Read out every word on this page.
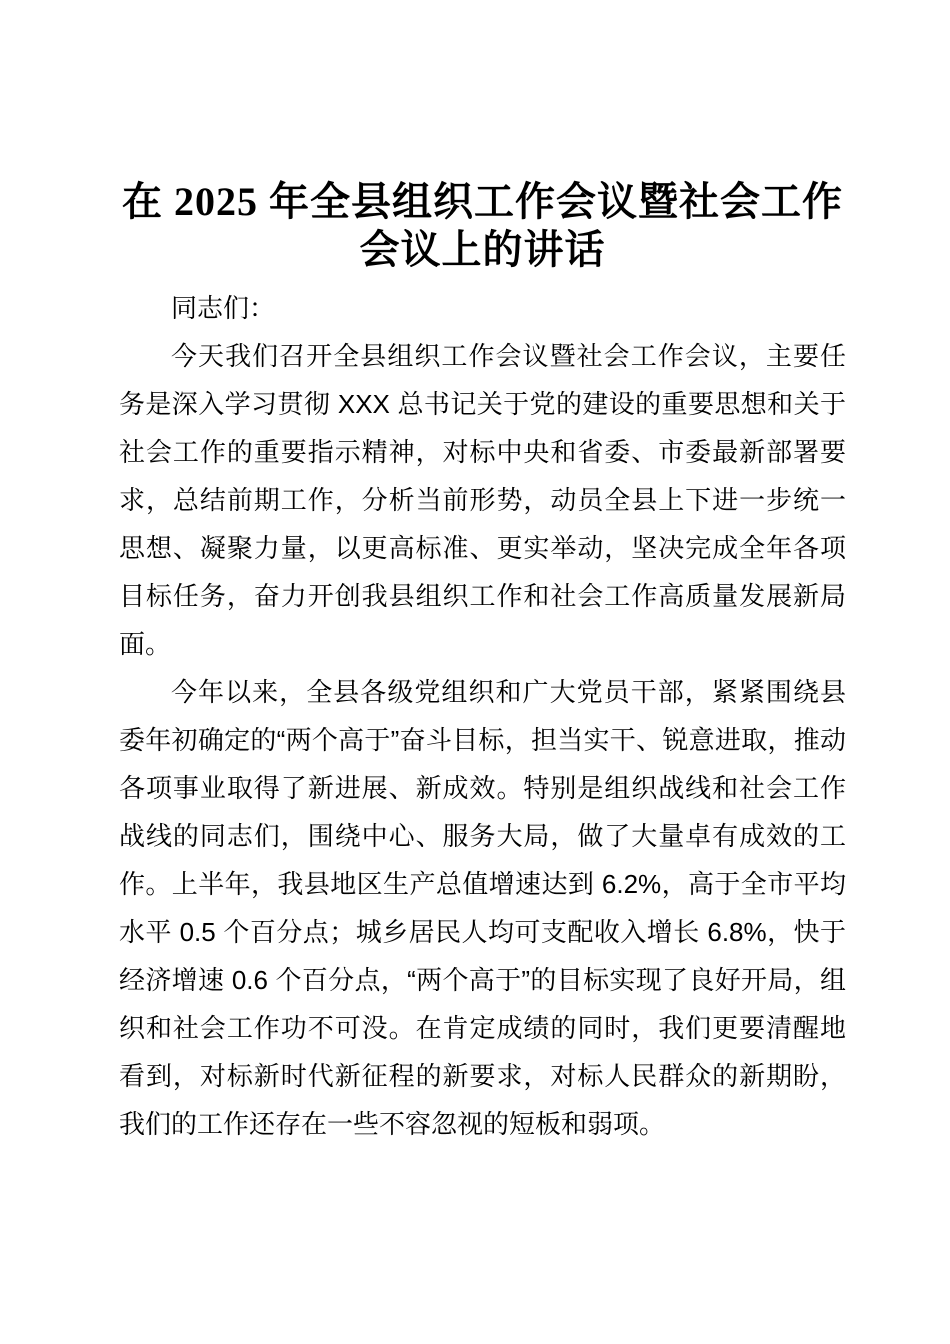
在 2025 年全县组织工作会议暨社会工作会议上的讲话

同志们：

今天我们召开全县组织工作会议暨社会工作会议，主要任务是深入学习贯彻 XXX 总书记关于党的建设的重要思想和关于社会工作的重要指示精神，对标中央和省委、市委最新部署要求，总结前期工作，分析当前形势，动员全县上下进一步统一思想、凝聚力量，以更高标准、更实举动，坚决完成全年各项目标任务，奋力开创我县组织工作和社会工作高质量发展新局面。

今年以来，全县各级党组织和广大党员干部，紧紧围绕县委年初确定的“两个高于”奋斗目标，担当实干、锐意进取，推动各项事业取得了新进展、新成效。特别是组织战线和社会工作战线的同志们，围绕中心、服务大局，做了大量卓有成效的工作。上半年，我县地区生产总值增速达到 6.2%，高于全市平均水平 0.5 个百分点；城乡居民人均可支配收入增长 6.8%，快于经济增速 0.6 个百分点，“两个高于”的目标实现了良好开局，组织和社会工作功不可没。在肯定成绩的同时，我们更要清醒地看到，对标新时代新征程的新要求，对标人民群众的新期盼，我们的工作还存在一些不容忽视的短板和弱项。
